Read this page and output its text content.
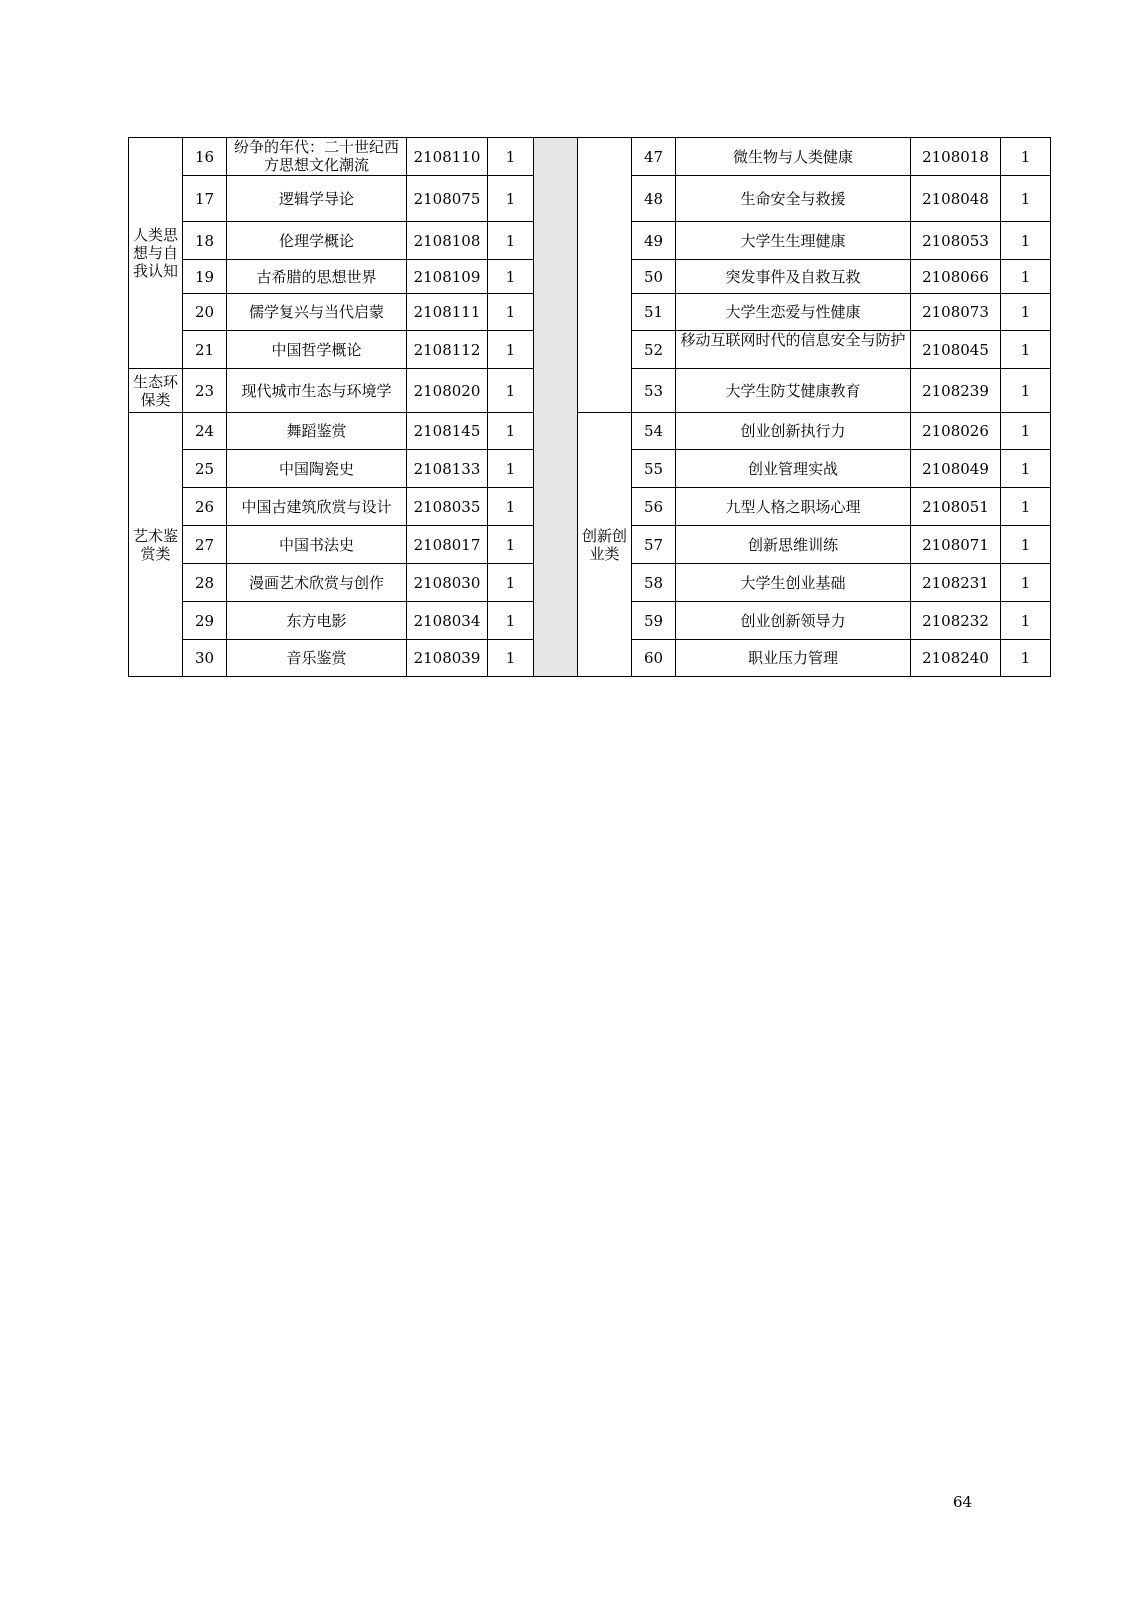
人类思想与自我认知	16	纷争的年代：二十世纪西方思想文化潮流	2108110	1			47	微生物与人类健康	2108018	1
	17	逻辑学导论	2108075	1			48	生命安全与救援	2108048	1
	18	伦理学概论	2108108	1			49	大学生生理健康	2108053	1
	19	古希腊的思想世界	2108109	1			50	突发事件及自救互救	2108066	1
	20	儒学复兴与当代启蒙	2108111	1			51	大学生恋爱与性健康	2108073	1
	21	中国哲学概论	2108112	1			52	移动互联网时代的信息安全与防护	2108045	1
生态环保类	23	现代城市生态与环境学	2108020	1			53	大学生防艾健康教育	2108239	1
艺术鉴赏类	24	舞蹈鉴赏	2108145	1		创新创业类	54	创业创新执行力	2108026	1
	25	中国陶瓷史	2108133	1			55	创业管理实战	2108049	1
	26	中国古建筑欣赏与设计	2108035	1			56	九型人格之职场心理	2108051	1
	27	中国书法史	2108017	1			57	创新思维训练	2108071	1
	28	漫画艺术欣赏与创作	2108030	1			58	大学生创业基础	2108231	1
	29	东方电影	2108034	1			59	创业创新领导力	2108232	1
	30	音乐鉴赏	2108039	1			60	职业压力管理	2108240	1
64
